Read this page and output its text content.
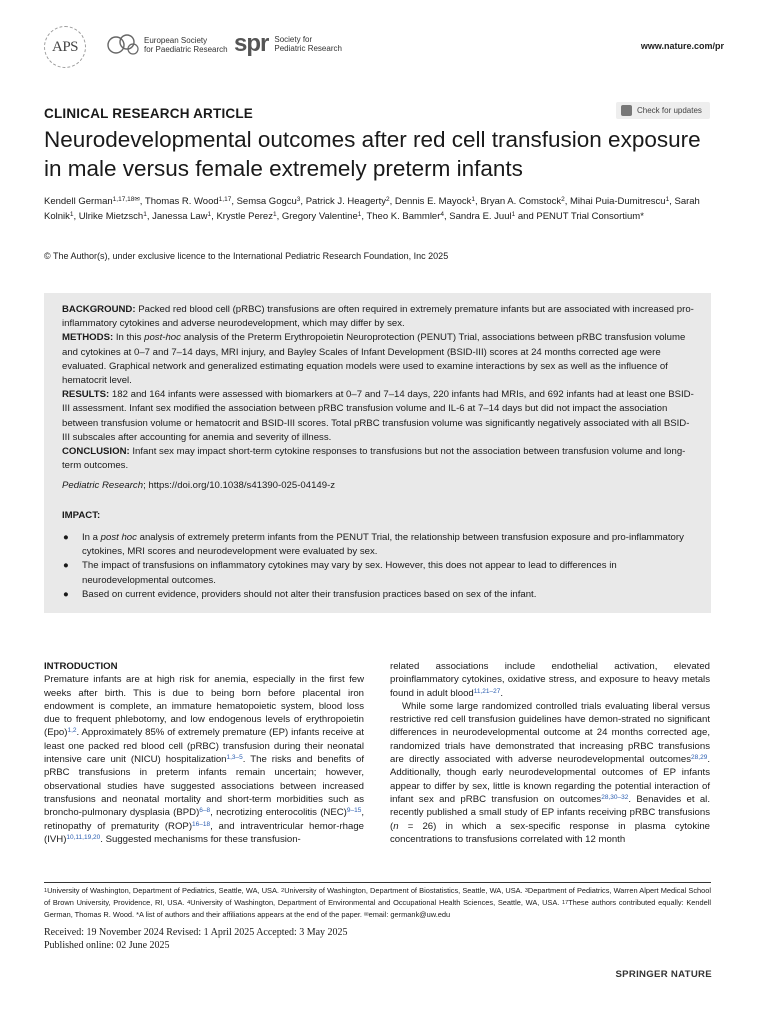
APS	European Society
for Paediatric Research spr Society for
Pediatric Research	www.nature.com/pr
CLINICAL RESEARCH ARTICLE	Check for updates
Neurodevelopmental outcomes after red cell transfusion exposure in male versus female extremely preterm infants
Kendell German$^{1,17,18✉}$, Thomas R. Wood$^{1,17}$, Semsa Gogcu$^3$, Patrick J. Heagerty$^2$, Dennis E. Mayock$^1$, Bryan A. Comstock$^2$, Mihai Puia-Dumitrescu$^1$, Sarah Kolnik$^1$, Ulrike Mietzsch$^1$, Janessa Law$^1$, Krystle Perez$^1$, Gregory Valentine$^1$, Theo K. Bammler$^4$, Sandra E. Juul$^1$ and PENUT Trial Consortium*
© The Author(s), under exclusive licence to the International Pediatric Research Foundation, Inc 2025

BACKGROUND: Packed red blood cell (pRBC) transfusions are often required in extremely premature infants but are associated with increased pro-inflammatory cytokines and adverse neurodevelopment, which may differ by sex.

METHODS: In this post-hoc analysis of the Preterm Erythropoietin Neuroprotection (PENUT) Trial, associations between pRBC transfusion volume and cytokines at 0–7 and 7–14 days, MRI injury, and Bayley Scales of Infant Development (BSID-III) scores at 24 months corrected age were evaluated. Graphical network and generalized estimating equation models were used to examine interactions by sex as well as the influence of hematocrit level.

RESULTS: 182 and 164 infants were assessed with biomarkers at 0–7 and 7–14 days, 220 infants had MRIs, and 692 infants had at least one BSID-III assessment. Infant sex modified the association between pRBC transfusion volume and IL-6 at 7–14 days but did not impact the association between transfusion volume or hematocrit and BSID-III scores. Total pRBC transfusion volume was significantly negatively associated with all BSID-III subscales after accounting for anemia and severity of illness.

CONCLUSION: Infant sex may impact short-term cytokine responses to transfusions but not the association between transfusion volume and long-term outcomes.

Pediatric Research; https://doi.org/10.1038/s41390-025-04149-z
IMPACT:
● In a post hoc analysis of extremely preterm infants from the PENUT Trial, the relationship between transfusion exposure and pro-inflammatory cytokines, MRI scores and neurodevelopment were evaluated by sex.
● The impact of transfusions on inflammatory cytokines may vary by sex. However, this does not appear to lead to differences in neurodevelopmental outcomes.
● Based on current evidence, providers should not alter their transfusion practices based on sex of the infant.

INTRODUCTION

Premature infants are at high risk for anemia, especially in the first few weeks after birth. This is due to being born before placental iron endowment is complete, an immature hematopoietic system, blood loss due to frequent phlebotomy, and low endogenous levels of erythropoietin (Epo)$^{1,2}$. Approximately 85% of extremely premature (EP) infants receive at least one packed red blood cell (pRBC) transfusion during their neonatal intensive care unit (NICU) hospitalization$^{1,3-5}$. The risks and benefits of pRBC transfusions in preterm infants remain uncertain; however, observational studies have suggested associations between increased transfusions and neonatal mortality and short-term morbidities such as broncho-pulmonary dysplasia (BPD)$^{6-8}$, necrotizing enterocolitis (NEC)$^{9-15}$, retinopathy of prematurity (ROP)$^{16-18}$, and intraventricular hemor-rhage (IVH)$^{10,11,19,20}$. Suggested mechanisms for these transfusion-

related associations include endothelial activation, elevated proinflammatory cytokines, oxidative stress, and exposure to heavy metals found in adult blood$^{11,21-27}$.

While some large randomized controlled trials evaluating liberal versus restrictive red cell transfusion guidelines have demon-strated no significant differences in neurodevelopmental outcome at 24 months corrected age, randomized trials have demonstrated that increasing pRBC transfusions are directly associated with adverse neurodevelopmental outcomes$^{28,29}$. Additionally, though early neurodevelopmental outcomes of EP infants appear to differ by sex, little is known regarding the potential interaction of infant sex and pRBC transfusion on outcomes$^{28,30-32}$. Benavides et al. recently published a small study of EP infants receiving pRBC transfusions (n = 26) in which a sex-specific response in plasma cytokine concentrations to transfusions correlated with 12 month

$^1$University of Washington, Department of Pediatrics, Seattle, WA, USA. $^2$University of Washington, Department of Biostatistics, Seattle, WA, USA. $^3$Department of Pediatrics, Warren Alpert Medical School of Brown University, Providence, RI, USA. $^4$University of Washington, Department of Environmental and Occupational Health Sciences, Seattle, WA, USA. $^{17}$These authors contributed equally: Kendell German, Thomas R. Wood. *A list of authors and their affiliations appears at the end of the paper. ✉email: germank@uw.edu
Received: 19 November 2024 Revised: 1 April 2025 Accepted: 3 May 2025
Published online: 02 June 2025
SPRINGER NATURE
